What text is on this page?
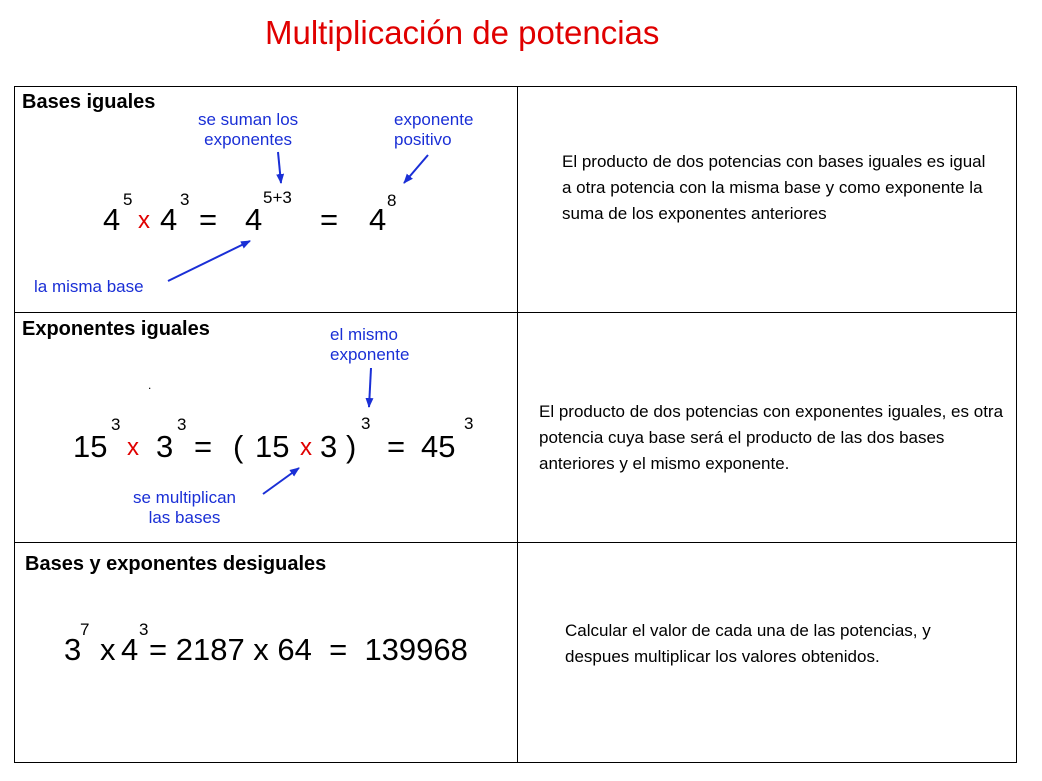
Multiplicación de potencias
Bases iguales
se suman los
exponentes
exponente
positivo
la misma base
4
5
x 4
3
= 4
5+3
= 4
8
El producto de dos potencias con bases iguales es igual a otra potencia con la misma base y como exponente la suma de los exponentes anteriores
Exponentes iguales	el mismo
exponente
se multiplican
las bases
.
15
3
x 3
3
= ( 15 x 3 )
3
= 45
3
El producto de dos potencias con exponentes iguales, es otra potencia cuya base será el producto de las dos bases anteriores y el mismo exponente.
Bases y exponentes desiguales
3
7
x 4
3
= 2187 x 64  =  139968
Calcular el valor de cada una de las potencias, y despues multiplicar los valores obtenidos.
